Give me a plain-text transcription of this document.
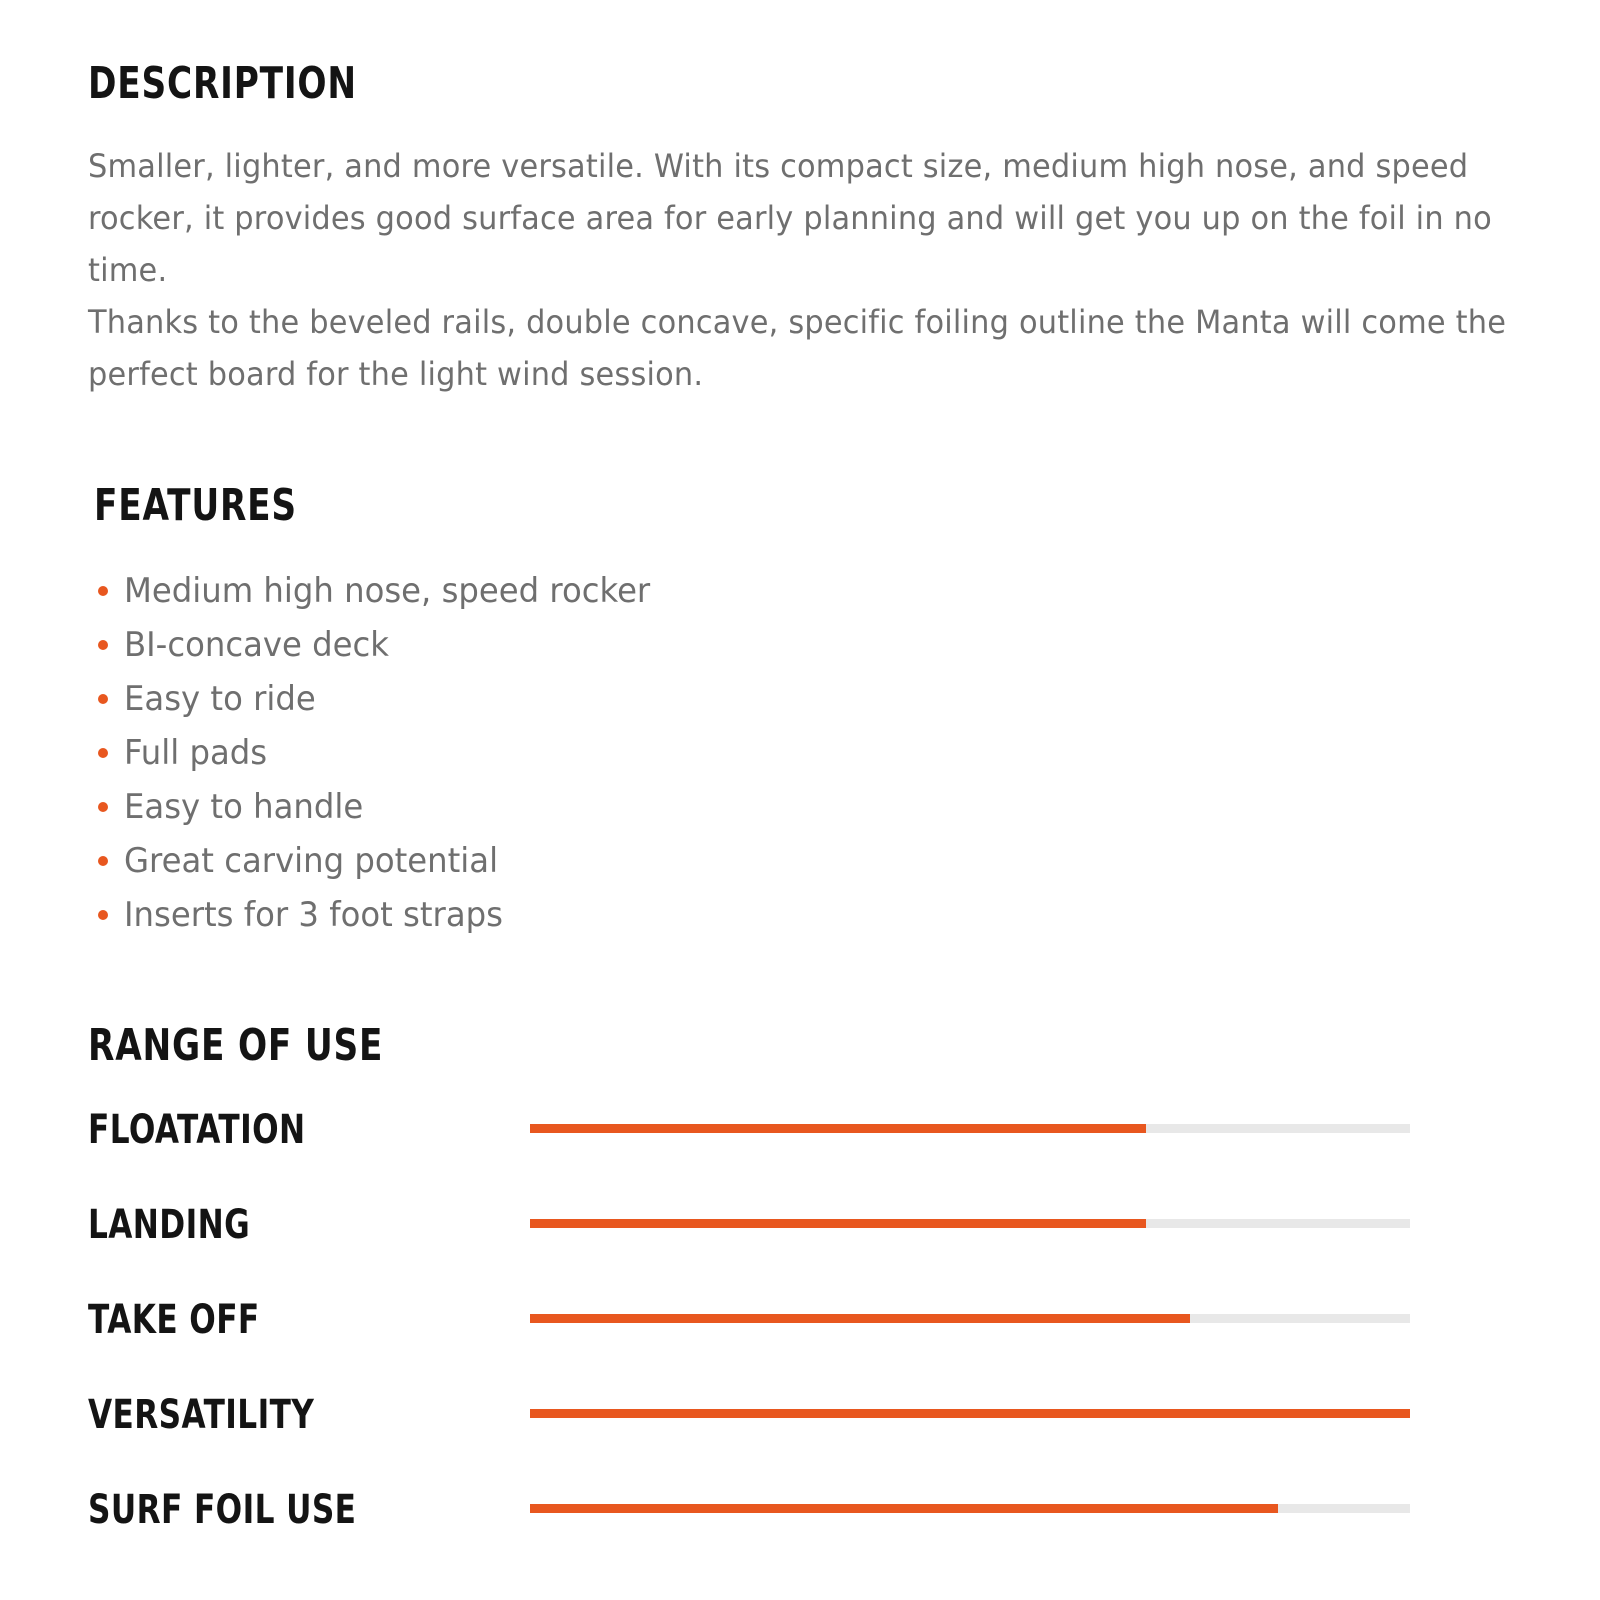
DESCRIPTION

Smaller, lighter, and more versatile. With its compact size, medium high nose, and speed rocker, it provides good surface area for early planning and will get you up on the foil in no time.

Thanks to the beveled rails, double concave, specific foiling outline the Manta will come the perfect board for the light wind session.

FEATURES
Medium high nose, speed rocker
BI-concave deck
Easy to ride
Full pads
Easy to handle
Great carving potential
Inserts for 3 foot straps
RANGE OF USE
FLOATATION
LANDING
TAKE OFF
VERSATILITY
SURF FOIL USE
